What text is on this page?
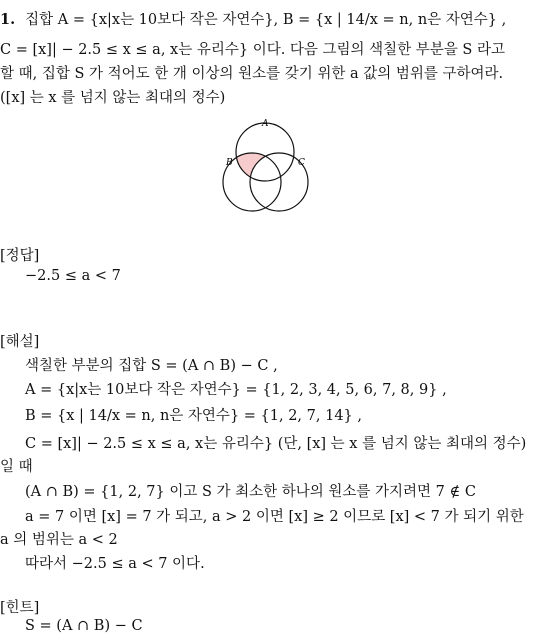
1. 집합 A = {x|x는 10보다 작은 자연수}, B = {x | 14/x = n, n은 자연수} ,
C = [x]| − 2.5 ≤ x ≤ a, x는 유리수} 이다. 다음 그림의 색칠한 부분을 S 라고
할 때, 집합 S 가 적어도 한 개 이상의 원소를 갖기 위한 a 값의 범위를 구하여라.
([x] 는 x 를 넘지 않는 최대의 정수)
A
B	C
[정답]
−2.5 ≤ a < 7
[해설]
색칠한 부분의 집합 S = (A ∩ B) − C ,
A = {x|x는 10보다 작은 자연수} = {1, 2, 3, 4, 5, 6, 7, 8, 9} ,
B = {x | 14/x = n, n은 자연수} = {1, 2, 7, 14} ,
C = [x]| − 2.5 ≤ x ≤ a, x는 유리수} (단, [x] 는 x 를 넘지 않는 최대의 정수)
일 때
(A ∩ B) = {1, 2, 7} 이고 S 가 최소한 하나의 원소를 가지려면 7 ∉ C
a = 7 이면 [x] = 7 가 되고, a > 2 이면 [x] ≥ 2 이므로 [x] < 7 가 되기 위한
a 의 범위는 a < 2
따라서 −2.5 ≤ a < 7 이다.
[힌트]
S = (A ∩ B) − C
